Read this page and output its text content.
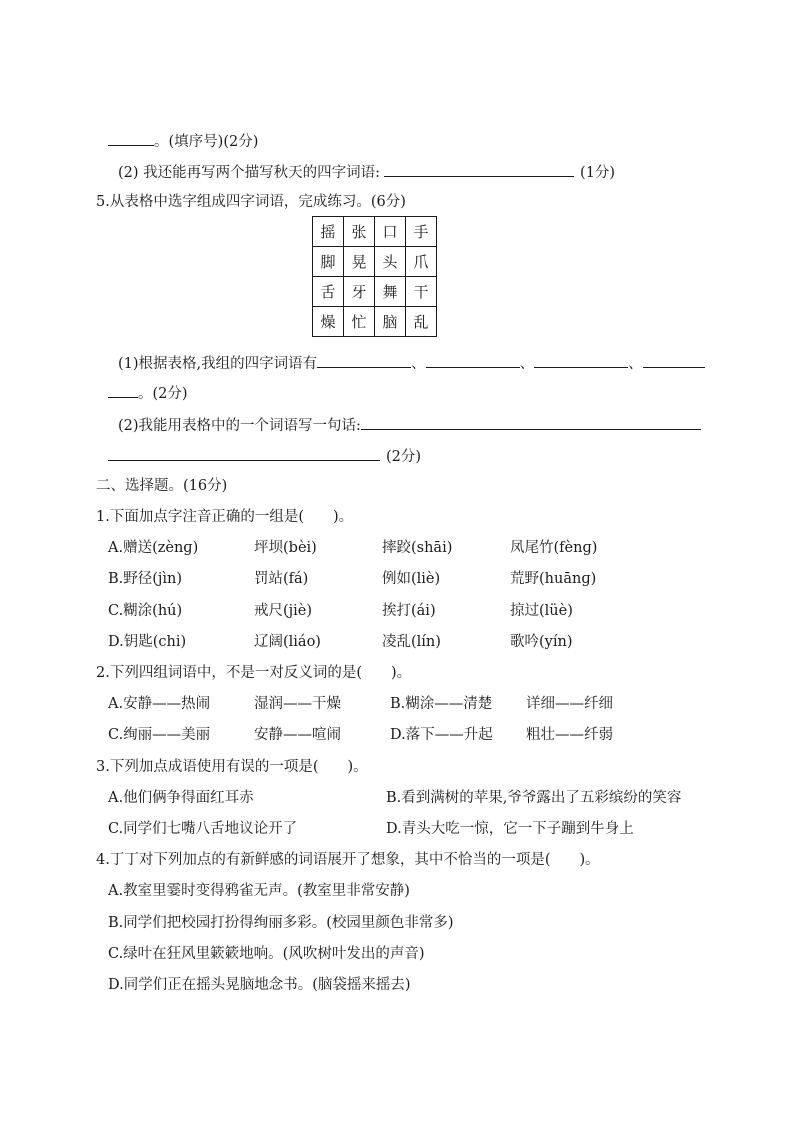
。(填序号)(2分)
(2) 我还能再写两个描写秋天的四字词语:	(1分)
5.从表格中选字组成四字词语，完成练习。(6分)
摇	张	口	手
脚	晃	头	爪
舌	牙	舞	干
燥	忙	脑	乱
(1)根据表格,我组的四字词语有	、	、	、
。(2分)
(2)我能用表格中的一个词语写一句话:
(2分)
二、选择题。(16分)
1.下面加点字注音正确的一组是(　　)。
A.赠送(zènɡ)	坪坝(bèi)	摔跤(shāi)	凤尾竹(fènɡ)
B.野径(jìn)	罚站(fá)	例如(liè)	荒野(huānɡ)
C.糊涂(hú)	戒尺(jiè)	挨打(ái)	掠过(lüè)
D.钥匙(chi)	辽阔(liáo)	凌乱(lín)	歌吟(yín)
2.下列四组词语中，不是一对反义词的是(　　)。
A.安静——热闹	湿润——干燥	B.糊涂——清楚 详细——纤细
C.绚丽——美丽	安静——喧闹	D.落下——升起 粗壮——纤弱
3.下列加点成语使用有误的一项是(　　)。
A.他们俩争得面红耳赤	B.看到满树的苹果,爷爷露出了五彩缤纷的笑容
C.同学们七嘴八舌地议论开了	D.青头大吃一惊，它一下子蹦到牛身上
4.丁丁对下列加点的有新鲜感的词语展开了想象，其中不恰当的一项是(　　)。
A.教室里霎时变得鸦雀无声。(教室里非常安静)
B.同学们把校园打扮得绚丽多彩。(校园里颜色非常多)
C.绿叶在狂风里簌簌地响。(风吹树叶发出的声音)
D.同学们正在摇头晃脑地念书。(脑袋摇来摇去)
